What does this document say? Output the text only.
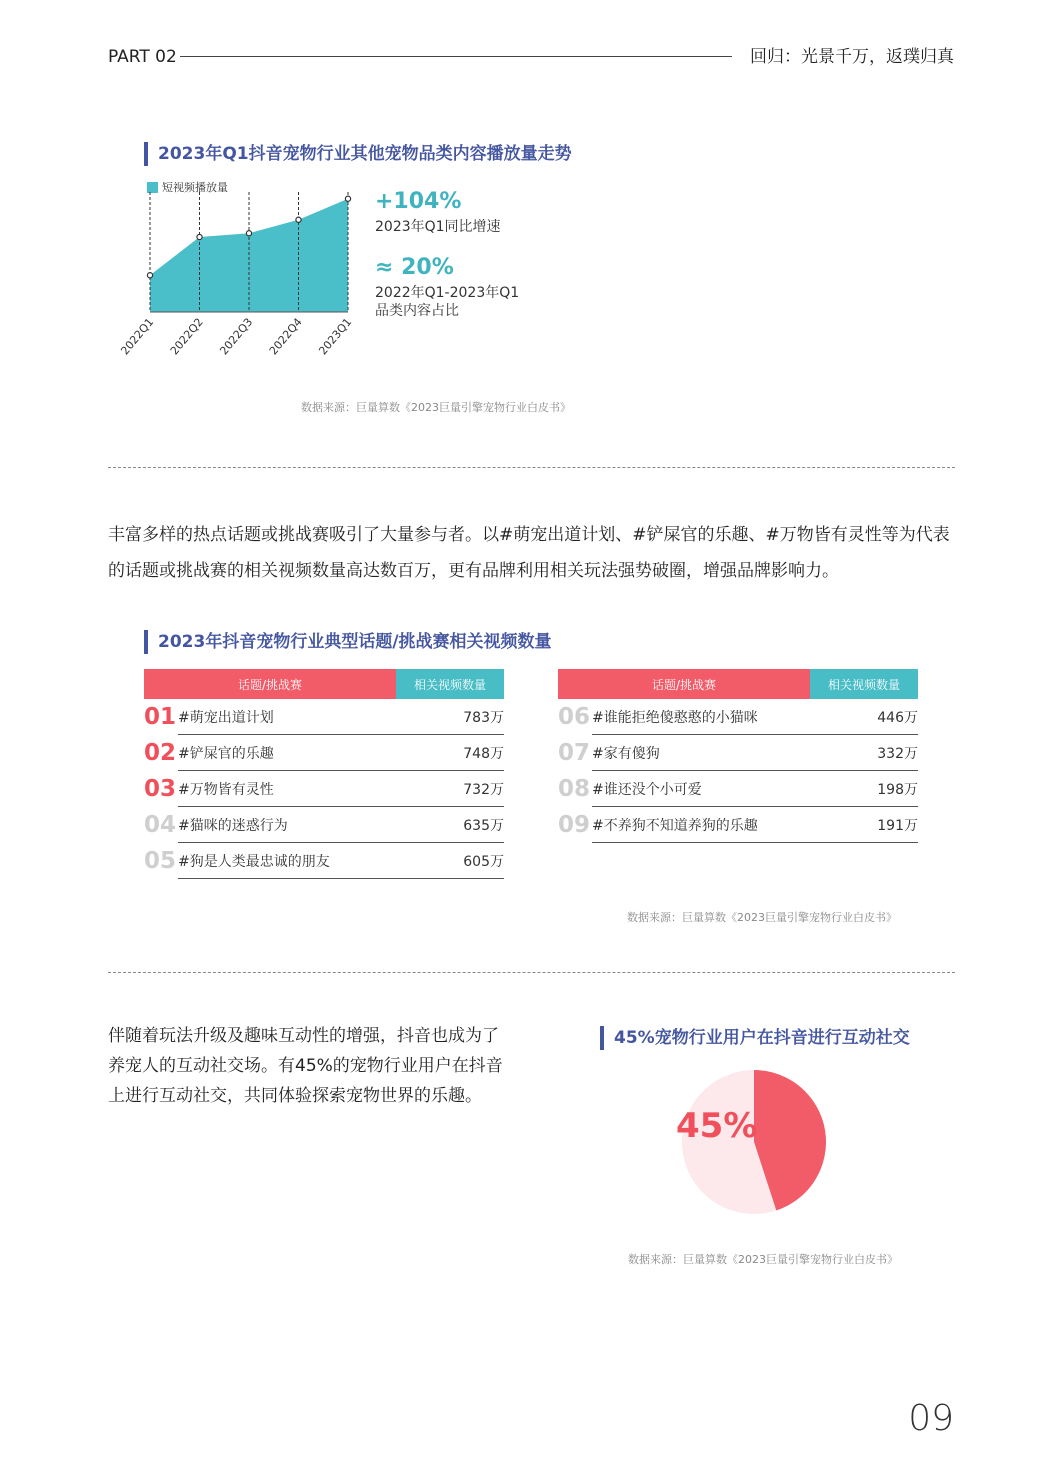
PART 02	回归：光景千万，返璞归真
2023年Q1抖音宠物行业其他宠物品类内容播放量走势
短视频播放量
2022Q1 2022Q2 2022Q3 2022Q4 2023Q1
+104%
2023年Q1同比增速
≈ 20%
2022年Q1-2023年Q1
品类内容占比
数据来源：巨量算数《2023巨量引擎宠物行业白皮书》
丰富多样的热点话题或挑战赛吸引了大量参与者。以#萌宠出道计划、#铲屎官的乐趣、#万物皆有灵性等为代表的话题或挑战赛的相关视频数量高达数百万，更有品牌利用相关玩法强势破圈，增强品牌影响力。
2023年抖音宠物行业典型话题/挑战赛相关视频数量
话题/挑战赛	相关视频数量
01 #萌宠出道计划	783万
02 #铲屎官的乐趣	748万
03 #万物皆有灵性	732万
04 #猫咪的迷惑行为	635万
05 #狗是人类最忠诚的朋友	605万
话题/挑战赛	相关视频数量
06 #谁能拒绝傻憨憨的小猫咪	446万
07 #家有傻狗	332万
08 #谁还没个小可爱	198万
09 #不养狗不知道养狗的乐趣	191万
数据来源：巨量算数《2023巨量引擎宠物行业白皮书》
伴随着玩法升级及趣味互动性的增强，抖音也成为了
养宠人的互动社交场。有45%的宠物行业用户在抖音
上进行互动社交，共同体验探索宠物世界的乐趣。
45%宠物行业用户在抖音进行互动社交
45%
数据来源：巨量算数《2023巨量引擎宠物行业白皮书》
09
